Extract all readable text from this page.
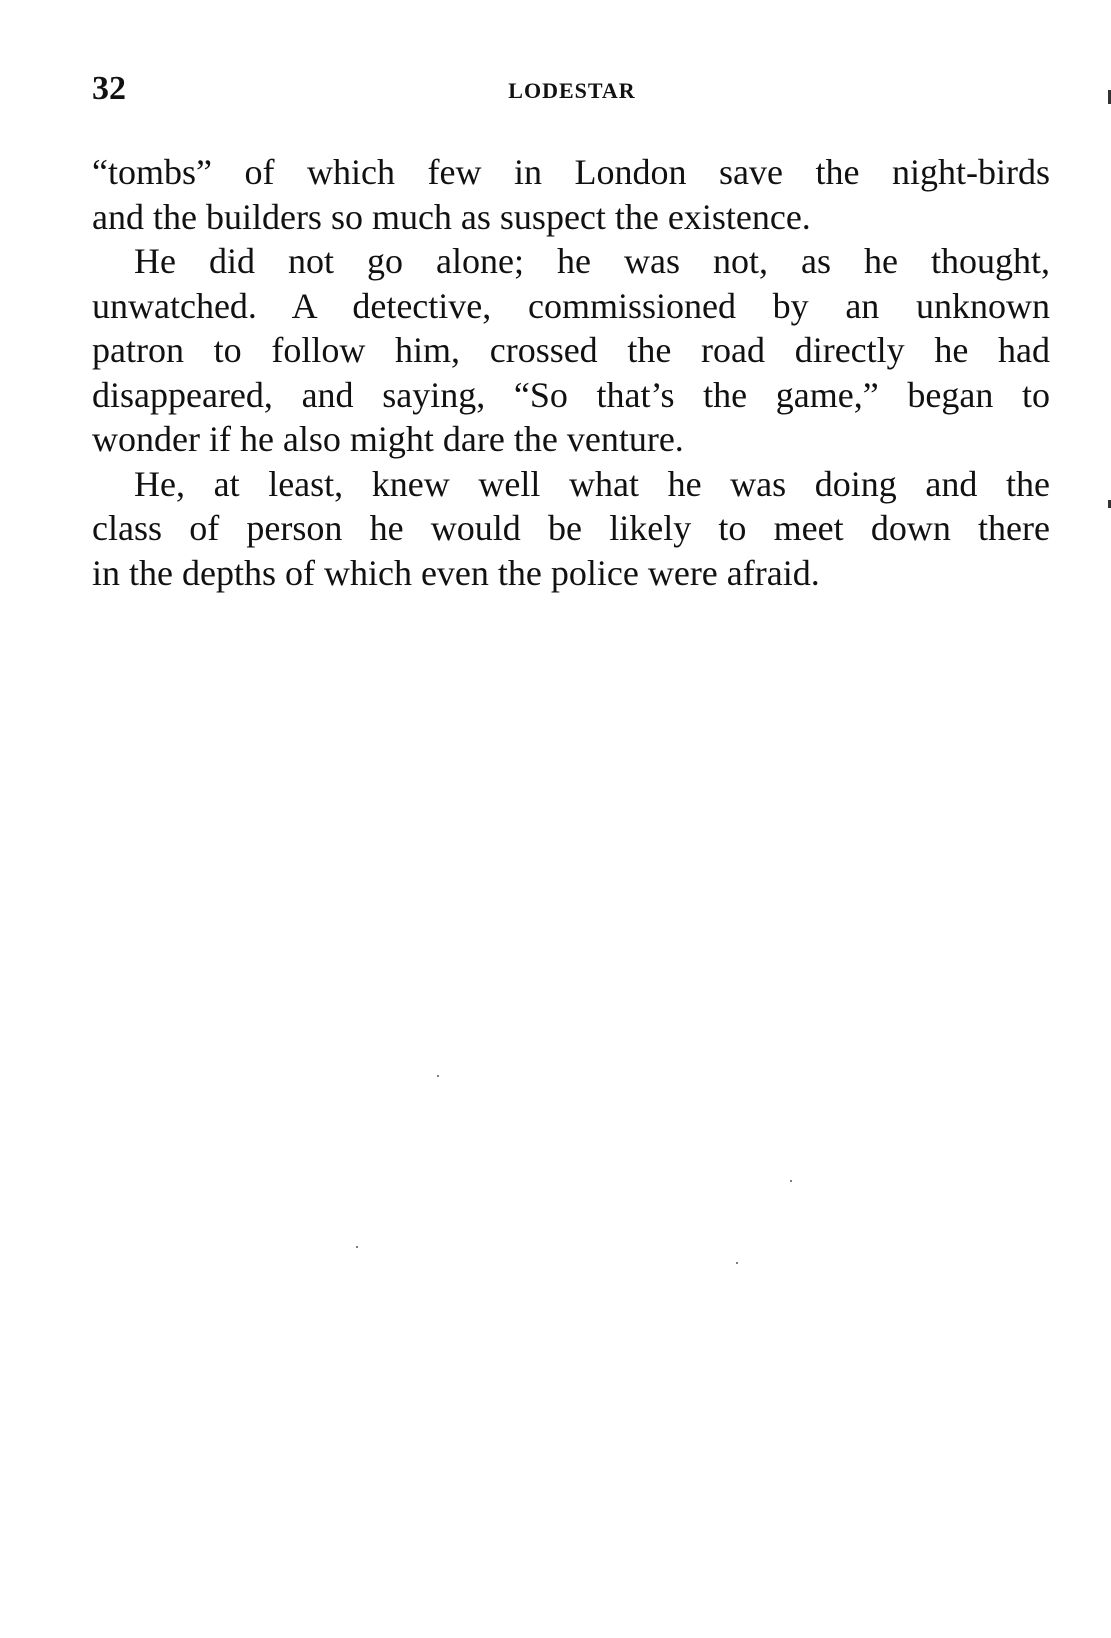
32	LODESTAR
“tombs” of which few in London save the night-birds
and the builders so much as suspect the existence.
He did not go alone; he was not, as he thought,
unwatched. A detective, commissioned by an unknown
patron to follow him, crossed the road directly he had
disappeared, and saying, “So that’s the game,” began to
wonder if he also might dare the venture.
He, at least, knew well what he was doing and the
class of person he would be likely to meet down there
in the depths of which even the police were afraid.
